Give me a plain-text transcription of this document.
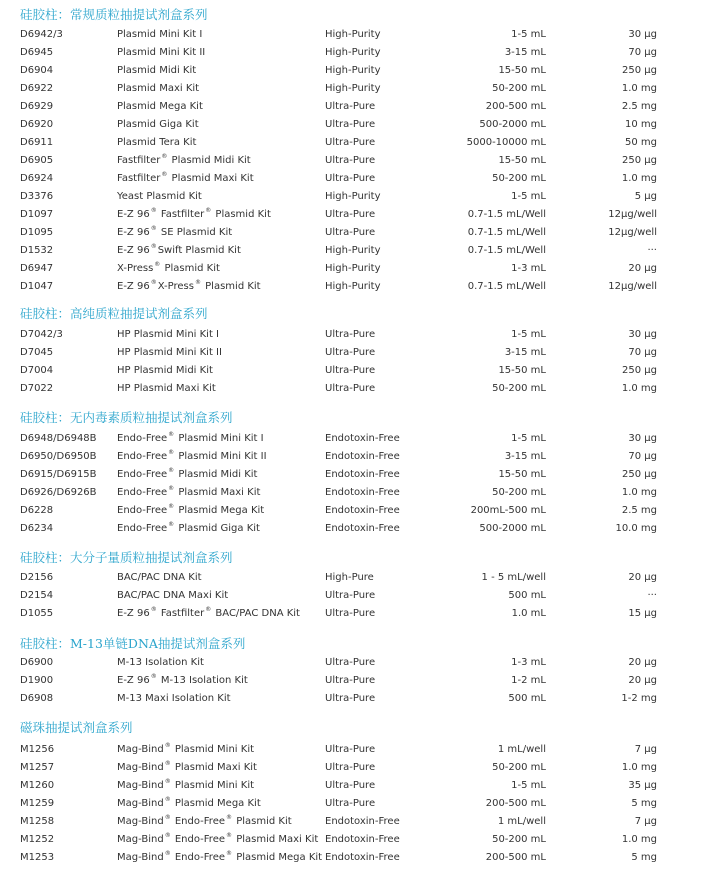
硅胶柱：常规质粒抽提试剂盒系列
D6942/3	Plasmid Mini Kit I	High-Purity	1-5 mL	30 μg
D6945	Plasmid Mini Kit II	High-Purity	3-15 mL	70 μg
D6904	Plasmid Midi Kit	High-Purity	15-50 mL	250 μg
D6922	Plasmid Maxi Kit	High-Purity	50-200 mL	1.0 mg
D6929	Plasmid Mega Kit	Ultra-Pure	200-500 mL	2.5 mg
D6920	Plasmid Giga Kit	Ultra-Pure	500-2000 mL	10 mg
D6911	Plasmid Tera Kit	Ultra-Pure	5000-10000 mL	50 mg
D6905	Fastfilter® Plasmid Midi Kit	Ultra-Pure	15-50 mL	250 μg
D6924	Fastfilter® Plasmid Maxi Kit	Ultra-Pure	50-200 mL	1.0 mg
D3376	Yeast Plasmid Kit	High-Purity	1-5 mL	5 μg
D1097	E-Z 96® Fastfilter® Plasmid Kit	Ultra-Pure	0.7-1.5 mL/Well	12μg/well
D1095	E-Z 96® SE Plasmid Kit	Ultra-Pure	0.7-1.5 mL/Well	12μg/well
D1532	E-Z 96®Swift Plasmid Kit	High-Purity	0.7-1.5 mL/Well	···
D6947	X-Press® Plasmid Kit	High-Purity	1-3 mL	20 μg
D1047	E-Z 96®X-Press® Plasmid Kit	High-Purity	0.7-1.5 mL/Well	12μg/well
硅胶柱：高纯质粒抽提试剂盒系列
D7042/3	HP Plasmid Mini Kit I	Ultra-Pure	1-5 mL	30 μg
D7045	HP Plasmid Mini Kit II	Ultra-Pure	3-15 mL	70 μg
D7004	HP Plasmid Midi Kit	Ultra-Pure	15-50 mL	250 μg
D7022	HP Plasmid Maxi Kit	Ultra-Pure	50-200 mL	1.0 mg
硅胶柱：无内毒素质粒抽提试剂盒系列
D6948/D6948B Endo-Free® Plasmid Mini Kit I	Endotoxin-Free	1-5 mL	30 μg
D6950/D6950B Endo-Free® Plasmid Mini Kit II	Endotoxin-Free	3-15 mL	70 μg
D6915/D6915B Endo-Free® Plasmid Midi Kit	Endotoxin-Free	15-50 mL	250 μg
D6926/D6926B Endo-Free® Plasmid Maxi Kit	Endotoxin-Free	50-200 mL	1.0 mg
D6228	Endo-Free® Plasmid Mega Kit	Endotoxin-Free	200mL-500 mL	2.5 mg
D6234	Endo-Free® Plasmid Giga Kit	Endotoxin-Free	500-2000 mL	10.0 mg
硅胶柱：大分子量质粒抽提试剂盒系列
D2156	BAC/PAC DNA Kit	High-Pure	1 - 5 mL/well	20 μg
D2154	BAC/PAC DNA Maxi Kit	Ultra-Pure	500 mL	···
D1055	E-Z 96® Fastfilter® BAC/PAC DNA Kit	Ultra-Pure	1.0 mL	15 μg
硅胶柱：M-13单链DNA抽提试剂盒系列
D6900	M-13 Isolation Kit	Ultra-Pure	1-3 mL	20 μg
D1900	E-Z 96® M-13 Isolation Kit	Ultra-Pure	1-2 mL	20 μg
D6908	M-13 Maxi Isolation Kit	Ultra-Pure	500 mL	1-2 mg
磁珠抽提试剂盒系列
M1256	Mag-Bind® Plasmid Mini Kit	Ultra-Pure	1 mL/well	7 μg
M1257	Mag-Bind® Plasmid Maxi Kit	Ultra-Pure	50-200 mL	1.0 mg
M1260	Mag-Bind® Plasmid Mini Kit	Ultra-Pure	1-5 mL	35 μg
M1259	Mag-Bind® Plasmid Mega Kit	Ultra-Pure	200-500 mL	5 mg
M1258	Mag-Bind® Endo-Free® Plasmid Kit	Endotoxin-Free	1 mL/well	7 μg
M1252	Mag-Bind® Endo-Free® Plasmid Maxi Kit Endotoxin-Free	50-200 mL	1.0 mg
M1253	Mag-Bind® Endo-Free® Plasmid Mega Kit Endotoxin-Free	200-500 mL	5 mg
